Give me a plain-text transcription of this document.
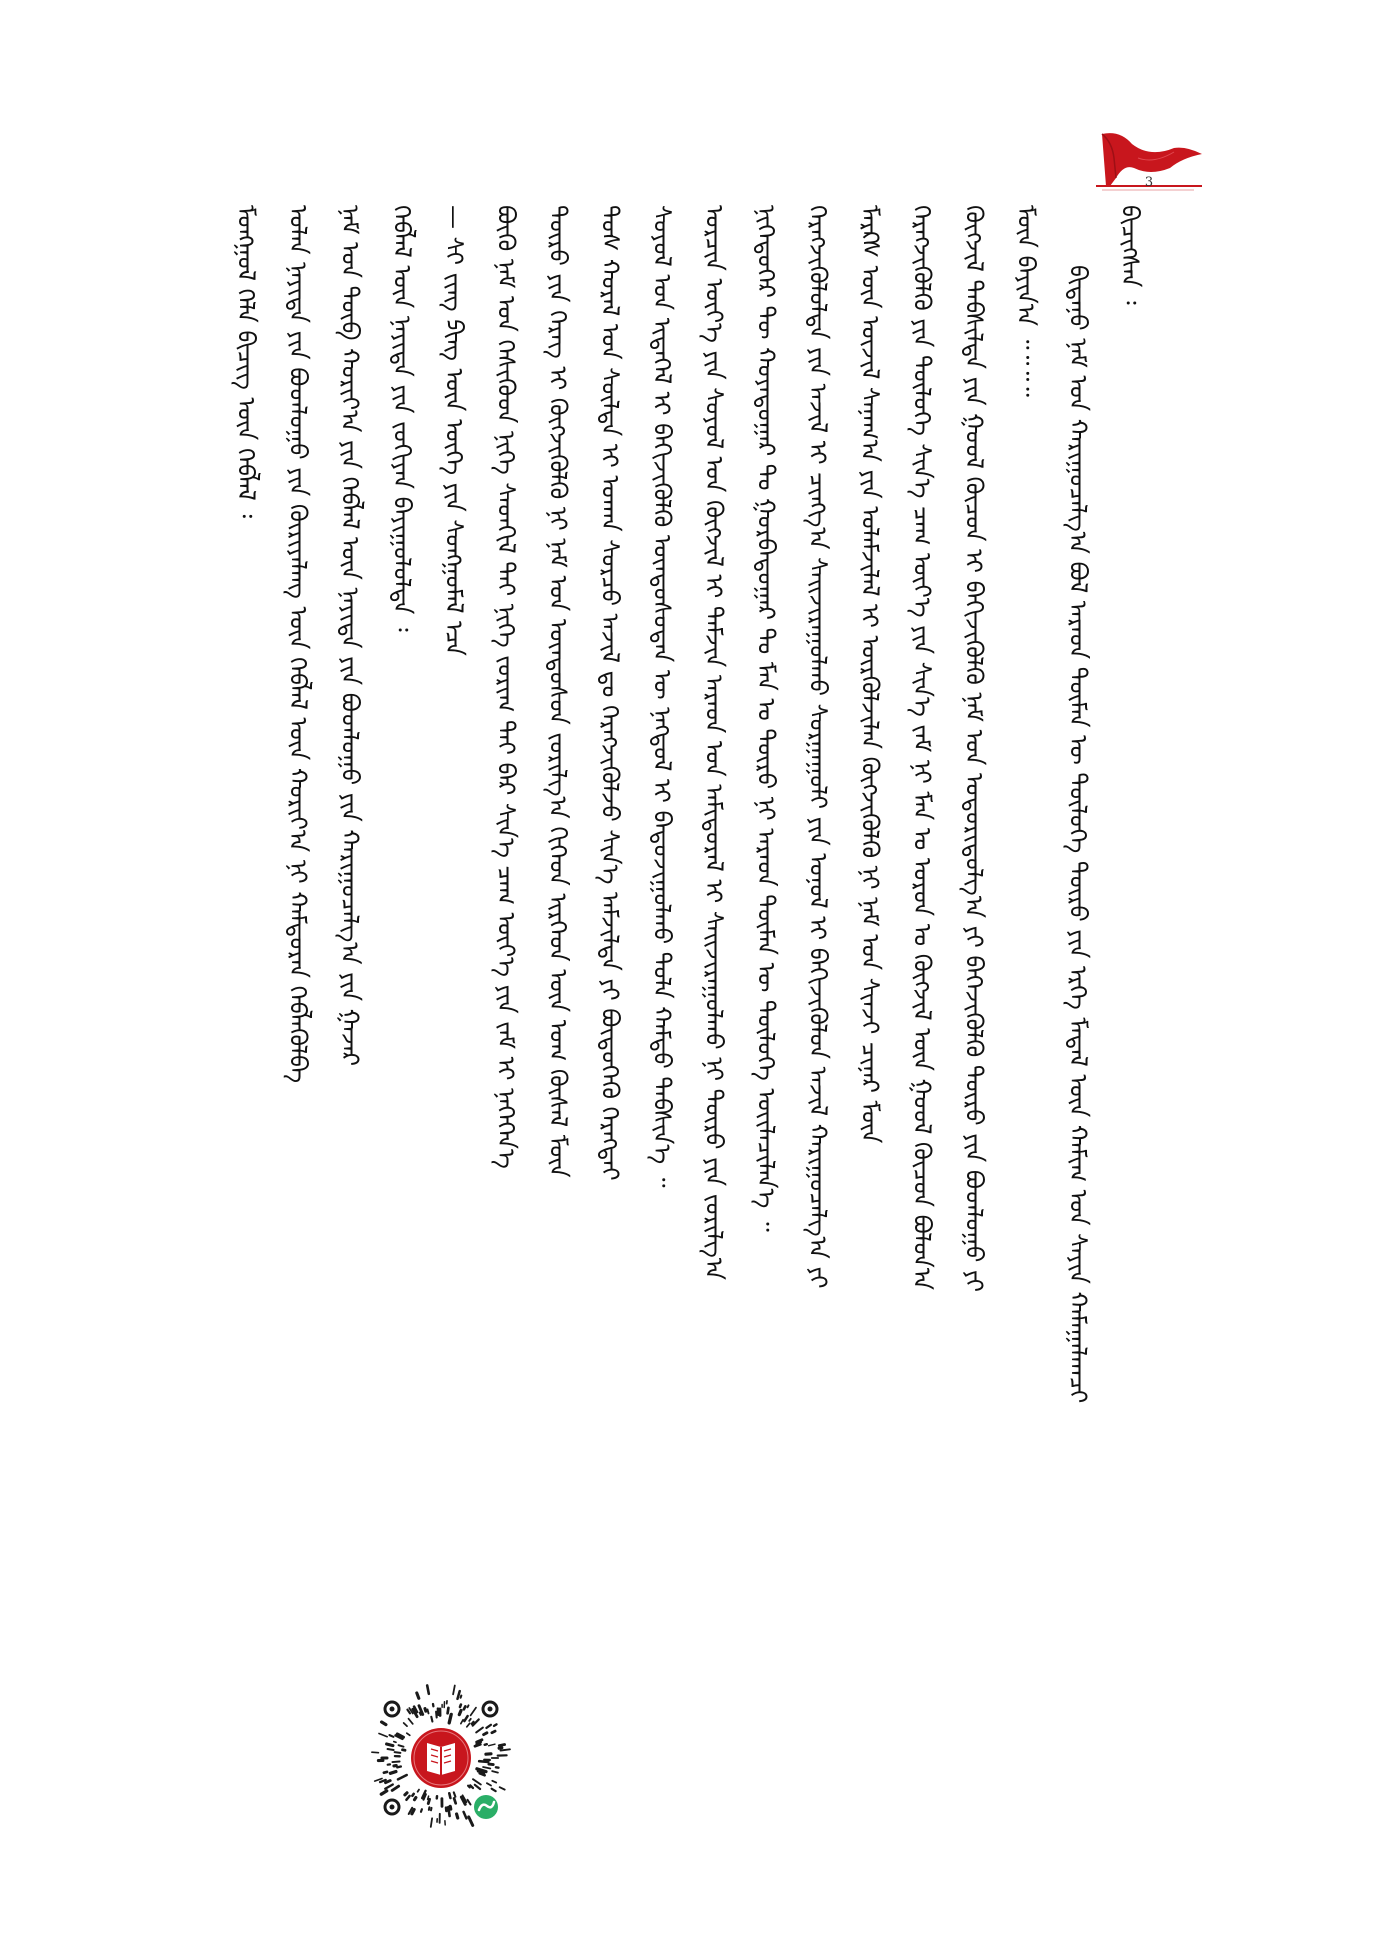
3
ᠪᠢᠴᠢᠭᠰᠡᠨ ᠄
ᠪᠢᠳᠡᠨᠦ ᠨᠠᠮ ᠤᠨ ᠬᠠᠷᠢᠭᠤᠴᠠᠯᠭ᠎ᠠ ᠪᠣᠯ ᠠᠷᠠᠳ ᠲᠦᠮᠡᠨ ᠦ ᠲᠥᠯᠦᠭᠡ ᠲᠥᠷᠥ ᠶᠢᠨ ᠡᠷᠬᠡ ᠮᠡᠳᠡᠯ ᠦᠨ ᠬᠠᠮᠢᠭ ᠤᠨ ᠰᠠᠶᠢᠨ ᠬᠠᠮᠠᠭᠠᠯᠠᠭᠴᠢ
ᠮᠥᠨ ᠪᠠᠶᠢᠨ᠎ᠠ ᠃᠃᠃᠃
ᠬᠥᠭᠵᠢᠯ ᠳᠡᠪᠰᠢᠯᠲᠡ ᠶᠢᠨ ᠭᠣᠣᠯ ᠬᠦᠴᠦᠨ ᠢ ᠪᠡᠬᠢᠵᠢᠭᠦᠯᠬᠦ ᠨᠠᠮ ᠤᠨ ᠤᠳᠤᠷᠢᠳᠤᠯᠭ᠎ᠠ ᠶᠢ ᠪᠡᠬᠡᠵᠢᠭᠦᠯᠬᠦ ᠲᠥᠷᠥ ᠶᠢᠨ ᠪᠣᠳᠯᠣᠭᠣ ᠶᠢ
ᠬᠡᠷᠡᠭᠵᠢᠭᠦᠯᠬᠦ ᠶᠢᠨ ᠲᠥᠯᠦᠭᠡ ᠰᠢᠨ᠎ᠡ ᠴᠠᠭ ᠦᠶ᠎ᠡ ᠶᠢᠨ ᠰᠢᠨ᠎ᠡ ᠵᠠᠮ ᠨᠢ ᠮᠠᠨ ᠤ ᠣᠷᠣᠨ ᠤ ᠬᠥᠭᠵᠢᠯ ᠦᠨ ᠭᠣᠣᠯ ᠬᠦᠴᠦᠨ ᠪᠣᠯᠤᠨ᠎ᠠ
ᠮᠠᠷᠺᠰ ᠦᠨ ᠦᠵᠢᠯ ᠰᠠᠨᠠᠭ᠎ᠠ ᠶᠢᠨ ᠤᠯᠠᠮᠵᠢᠯᠠᠯ ᠢ ᠦᠷᠭᠦᠯᠵᠢᠯᠡᠨ ᠬᠥᠭᠵᠢᠭᠦᠯᠬᠦ ᠨᠢ ᠨᠠᠮ ᠤᠨ ᠰᠢᠨᠵᠢ ᠴᠢᠨᠠᠷ ᠮᠥᠨ
ᠬᠡᠷᠡᠭᠵᠢᠭᠦᠯᠦᠯᠲᠡ ᠶᠢᠨ ᠠᠵᠢᠯ ᠢ ᠴᠢᠩᠭ᠎ᠠ ᠰᠠᠢᠵᠢᠷᠠᠭᠤᠯᠬᠤ ᠰᠤᠷᠭᠠᠭᠤᠯᠢ ᠶᠢᠨ ᠣᠨᠣᠯ ᠢ ᠪᠡᠬᠢᠵᠢᠭᠦᠯᠦᠨ ᠠᠵᠢᠯ ᠬᠠᠷᠢᠭᠤᠴᠠᠯᠭ᠎ᠠ ᠶᠢ
ᠨᠢᠭᠡᠳᠦᠭᠡᠷ ᠲᠦ ᠬᠣᠶᠠᠳᠤᠭᠠᠷ ᠲᠤ ᠭᠤᠷᠪᠠᠳᠤᠭᠠᠷ ᠲᠤ ᠮᠠᠨ ᠤ ᠲᠥᠷᠥ ᠨᠢ ᠠᠷᠠᠳ ᠲᠦᠮᠡᠨ ᠦ ᠲᠥᠯᠦᠭᠡ ᠦᠢᠯᠡᠴᠢᠯᠡᠨ᠎ᠡ ᠃
ᠣᠷᠴᠢᠨ ᠦᠶ᠎ᠡ ᠶᠢᠨ ᠰᠣᠶᠣᠯ ᠤᠨ ᠬᠥᠭᠵᠢᠯ ᠢ ᠳᠡᠮᠵᠢᠨ ᠠᠷᠠᠳ ᠤᠨ ᠠᠮᠢᠳᠤᠷᠠᠯ ᠢ ᠰᠠᠢᠵᠢᠷᠠᠭᠤᠯᠬᠤ ᠨᠢ ᠲᠥᠷᠥ ᠶᠢᠨ ᠵᠣᠷᠢᠯᠭ᠎ᠠ
ᠰᠣᠶᠣᠯ ᠤᠨ ᠢᠲᠡᠭᠡᠯ ᠢ ᠪᠡᠬᠢᠵᠢᠭᠦᠯᠬᠦ ᠦᠨᠳᠦᠰᠦᠲᠡᠨ ᠦ ᠨᠡᠭᠳᠦᠯ ᠢ ᠪᠠᠲᠤᠵᠢᠭᠤᠯᠬᠤ ᠲᠤᠯᠠ ᠬᠠᠮᠲᠤ ᠳᠡᠪᠰᠢᠨ᠎ᠡ ᠃
ᠲᠣᠰ ᠬᠤᠷᠠᠯ ᠤᠨ ᠰᠦᠯᠳᠡ ᠢ ᠤᠬᠠᠨ ᠰᠤᠷᠴᠤ ᠠᠵᠢᠯ ᠳᠤ ᠬᠡᠷᠡᠭᠵᠢᠭᠦᠯᠵᠦ ᠰᠢᠨ᠎ᠡ ᠠᠮᠵᠢᠯᠲᠠ ᠶᠢ ᠪᠦᠲᠦᠭᠡᠬᠦ ᠬᠡᠷᠡᠭᠲᠡᠶ
ᠲᠥᠷᠥ ᠶᠢᠨ ᠬᠡᠷᠡᠭ ᠢ ᠬᠥᠭᠵᠢᠭᠦᠯᠬᠦ ᠨᠢ ᠨᠠᠮ ᠤᠨ ᠦᠨᠳᠦᠰᠦᠨ ᠵᠣᠷᠢᠯᠭ᠎ᠠ ᠬᠢᠭᠡᠳ ᠢᠷᠭᠡᠳ ᠦᠨ ᠤᠭ ᠬᠦᠰᠡᠯ ᠮᠥᠨ
ᠪᠦᠬᠦ ᠨᠠᠮ ᠤᠨ ᠭᠡᠰᠢᠭᠦᠳ ᠨᠢᠭᠡ ᠰᠡᠳᠬᠢᠯ ᠲᠡᠢ ᠨᠢᠭᠡ ᠵᠣᠷᠢᠭ ᠲᠠᠢ ᠪᠠᠷ ᠰᠢᠨ᠎ᠡ ᠴᠠᠭ ᠦᠶ᠎ᠡ ᠶᠢᠨ ᠵᠠᠮ ᠢ ᠨᠡᠭᠡᠭᠡᠨ᠎ᠡ
— ᠰᠢ ᠵᠢᠩ ᠫᠢᠩ ᠦᠨ ᠦᠭᠡ ᠶᠢᠨ ᠰᠣᠩᠭᠣᠮᠠᠯ ᠡᠴᠡ
ᠬᠡᠪᠯᠡᠯ ᠦᠨ ᠨᠡᠶᠢᠲᠡ ᠶᠢᠨ ᠵᠣᠬᠢᠶᠠᠨ ᠪᠠᠶᠢᠭᠤᠯᠤᠯᠲᠠ ᠄
ᠨᠠᠮ ᠤᠨ ᠲᠥᠪ ᠬᠣᠷᠢᠶ᠎ᠠ ᠶᠢᠨ ᠬᠡᠪᠯᠡᠯ ᠦᠨ ᠨᠡᠶᠢᠲᠡ ᠶᠢᠨ ᠪᠣᠳᠯᠣᠭᠣ ᠶᠢᠨ ᠬᠠᠷᠢᠭᠤᠴᠠᠯᠭ᠎ᠠ ᠶᠢᠨ ᠭᠠᠵᠠᠷ
ᠣᠯᠠᠨ ᠨᠡᠶᠢᠲᠡ ᠶᠢᠨ ᠪᠣᠳᠯᠣᠭᠣ ᠶᠢᠨ ᠬᠦᠷᠢᠶᠡᠯᠡᠩ ᠦᠨ ᠬᠡᠪᠯᠡᠯ ᠦᠨ ᠬᠣᠷᠢᠶ᠎ᠠ ᠨᠢ ᠬᠠᠮᠲᠤᠷᠠᠨ ᠬᠡᠪᠯᠡᠭᠦᠯᠪᠡ
ᠮᠣᠩᠭᠣᠯ ᠬᠡᠯᠡ ᠪᠢᠴᠢᠭ ᠦᠨ ᠬᠡᠪᠯᠡᠯ ᠄
